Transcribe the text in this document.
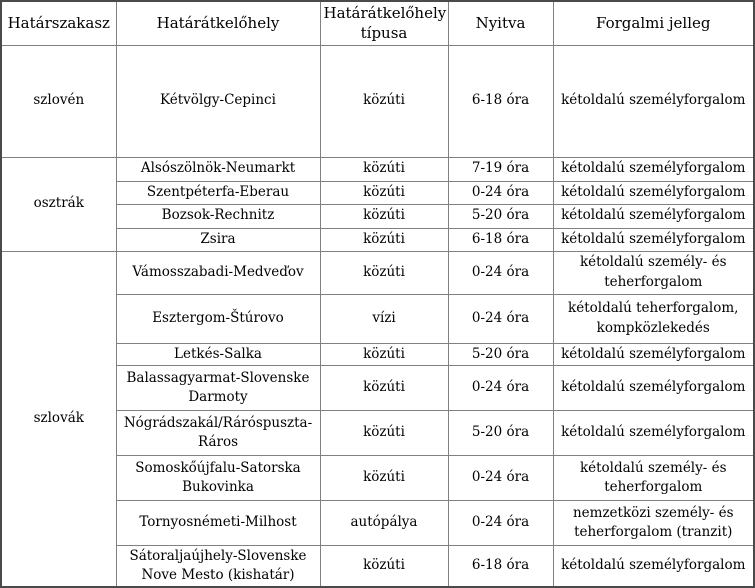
Határszakasz	Határátkelőhely	Határátkelőhely típusa	Nyitva	Forgalmi jelleg
szlovén	Kétvölgy-Cepinci	közúti	6-18 óra	kétoldalú személyforgalom
osztrák	Alsószölnök-Neumarkt	közúti	7-19 óra	kétoldalú személyforgalom
	Szentpéterfa-Eberau	közúti	0-24 óra	kétoldalú személyforgalom
	Bozsok-Rechnitz	közúti	5-20 óra	kétoldalú személyforgalom
	Zsira	közúti	6-18 óra	kétoldalú személyforgalom
szlovák	Vámosszabadi-Medveďov	közúti	0-24 óra	kétoldalú személy- és teherforgalom
	Esztergom-Štúrovo	vízi	0-24 óra	kétoldalú teherforgalom, kompközlekedés
	Letkés-Salka	közúti	5-20 óra	kétoldalú személyforgalom
	Balassagyarmat-Slovenske Darmoty	közúti	0-24 óra	kétoldalú személyforgalom
	Nógrádszakál/Ráróspuszta-Ráros	közúti	5-20 óra	kétoldalú személyforgalom
	Somoskőújfalu-Satorska Bukovinka	közúti	0-24 óra	kétoldalú személy- és teherforgalom
	Tornyosnémeti-Milhost	autópálya	0-24 óra	nemzetközi személy- és teherforgalom (tranzit)
	Sátoraljaújhely-Slovenske Nove Mesto (kishatár)	közúti	6-18 óra	kétoldalú személyforgalom
